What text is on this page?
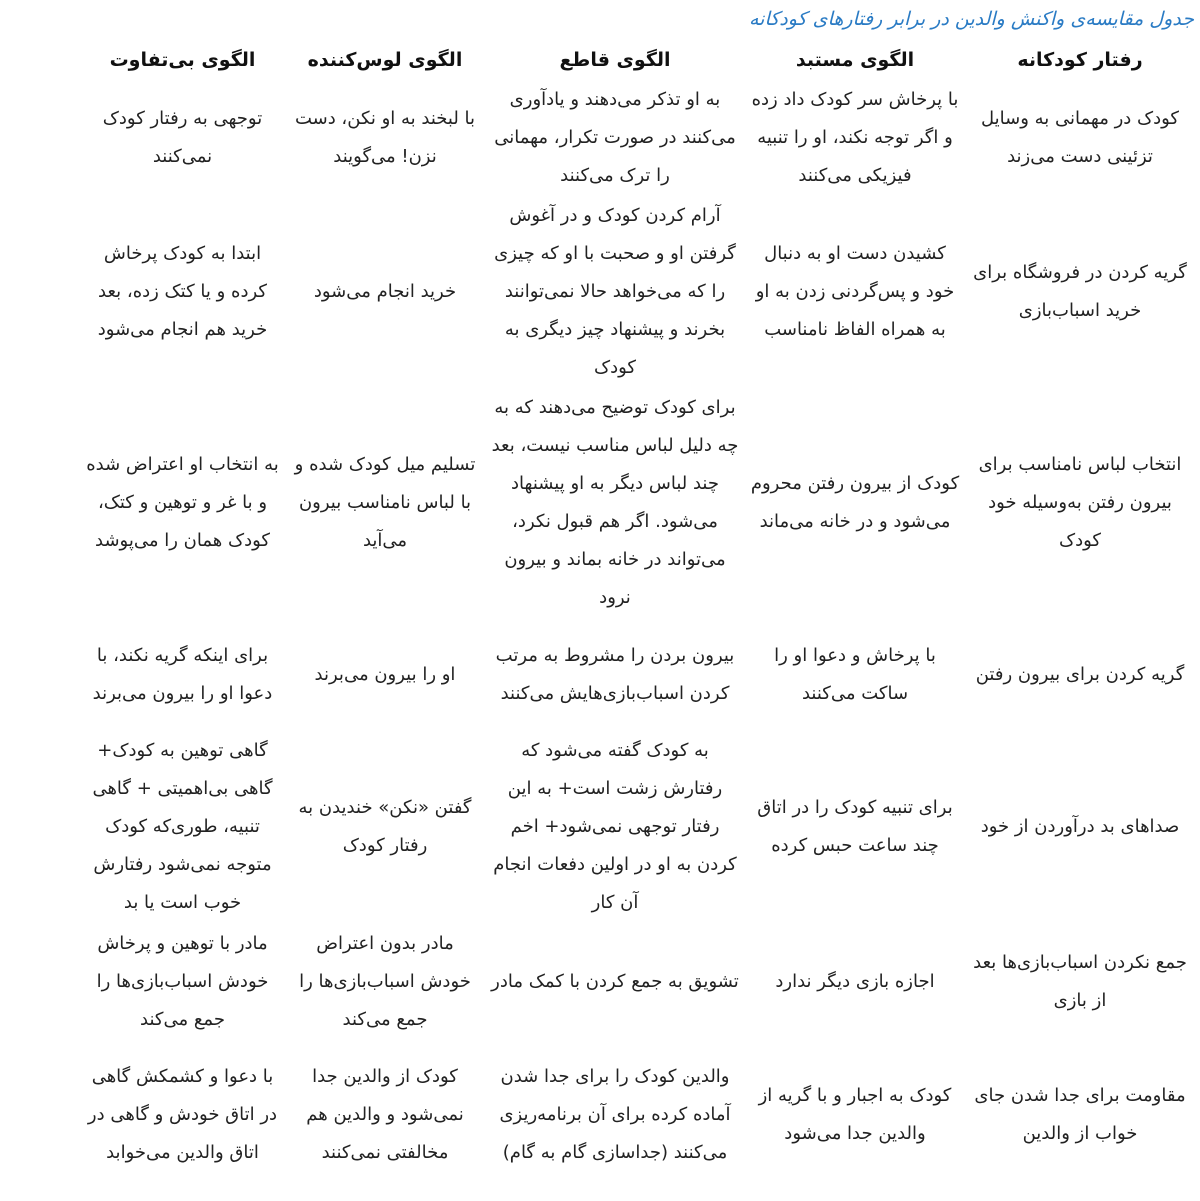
جدول مقایسه‌ی واکنش والدین در برابر رفتارهای کودکانه
رفتار کودکانه	الگوی مستبد	الگوی قاطع	الگوی لوس‌کننده	الگوی بی‌تفاوت
کودک در مهمانی به وسایل تزئینی دست می‌زند	با پرخاش سر کودک داد زده و اگر توجه نکند، او را تنبیه فیزیکی می‌کنند	به او تذکر می‌دهند و یادآوری می‌کنند در صورت تکرار، مهمانی را ترک می‌کنند	با لبخند به او نکن، دست نزن! می‌گویند	توجهی به رفتار کودک نمی‌کنند
گریه کردن در فروشگاه برای خرید اسباب‌بازی	کشیدن دست او به دنبال خود و پس‌گردنی زدن به او به همراه الفاظ نامناسب	آرام کردن کودک و در آغوش گرفتن او و صحبت با او که چیزی را که می‌خواهد حالا نمی‌توانند بخرند و پیشنهاد چیز دیگری به کودک	خرید انجام می‌شود	ابتدا به کودک پرخاش کرده و یا کتک زده، بعد خرید هم انجام می‌شود
انتخاب لباس نامناسب برای بیرون رفتن به‌وسیله خود کودک	کودک از بیرون رفتن محروم می‌شود و در خانه می‌ماند	برای کودک توضیح می‌دهند که به چه دلیل لباس مناسب نیست، بعد چند لباس دیگر به او پیشنهاد می‌شود. اگر هم قبول نکرد، می‌تواند در خانه بماند و بیرون نرود	تسلیم میل کودک شده و با لباس نامناسب بیرون می‌آید	به انتخاب او اعتراض شده و با غر و توهین و کتک، کودک همان را می‌پوشد
گریه کردن برای بیرون رفتن	با پرخاش و دعوا او را ساکت می‌کنند	بیرون بردن را مشروط به مرتب کردن اسباب‌بازی‌هایش می‌کنند	او را بیرون می‌برند	برای اینکه گریه نکند، با دعوا او را بیرون می‌برند
صداهای بد درآوردن از خود	برای تنبیه کودک را در اتاق چند ساعت حبس کرده	به کودک گفته می‌شود که رفتارش زشت است+ به این رفتار توجهی نمی‌شود+ اخم کردن به او در اولین دفعات انجام آن کار	گفتن «نکن» خندیدن به رفتار کودک	گاهی توهین به کودک+ گاهی بی‌اهمیتی + گاهی تنبیه، طوری‌که کودک متوجه نمی‌شود رفتارش خوب است یا بد
جمع نکردن اسباب‌بازی‌ها بعد از بازی	اجازه بازی دیگر ندارد	تشویق به جمع کردن با کمک مادر	مادر بدون اعتراض خودش اسباب‌بازی‌ها را جمع می‌کند	مادر با توهین و پرخاش خودش اسباب‌بازی‌ها را جمع می‌کند
مقاومت برای جدا شدن جای خواب از والدین	کودک به اجبار و با گریه از والدین جدا می‌شود	والدین کودک را برای جدا شدن آماده کرده برای آن برنامه‌ریزی می‌کنند (جداسازی گام به گام)	کودک از والدین جدا نمی‌شود و والدین هم مخالفتی نمی‌کنند	با دعوا و کشمکش گاهی در اتاق خودش و گاهی در اتاق والدین می‌خوابد
